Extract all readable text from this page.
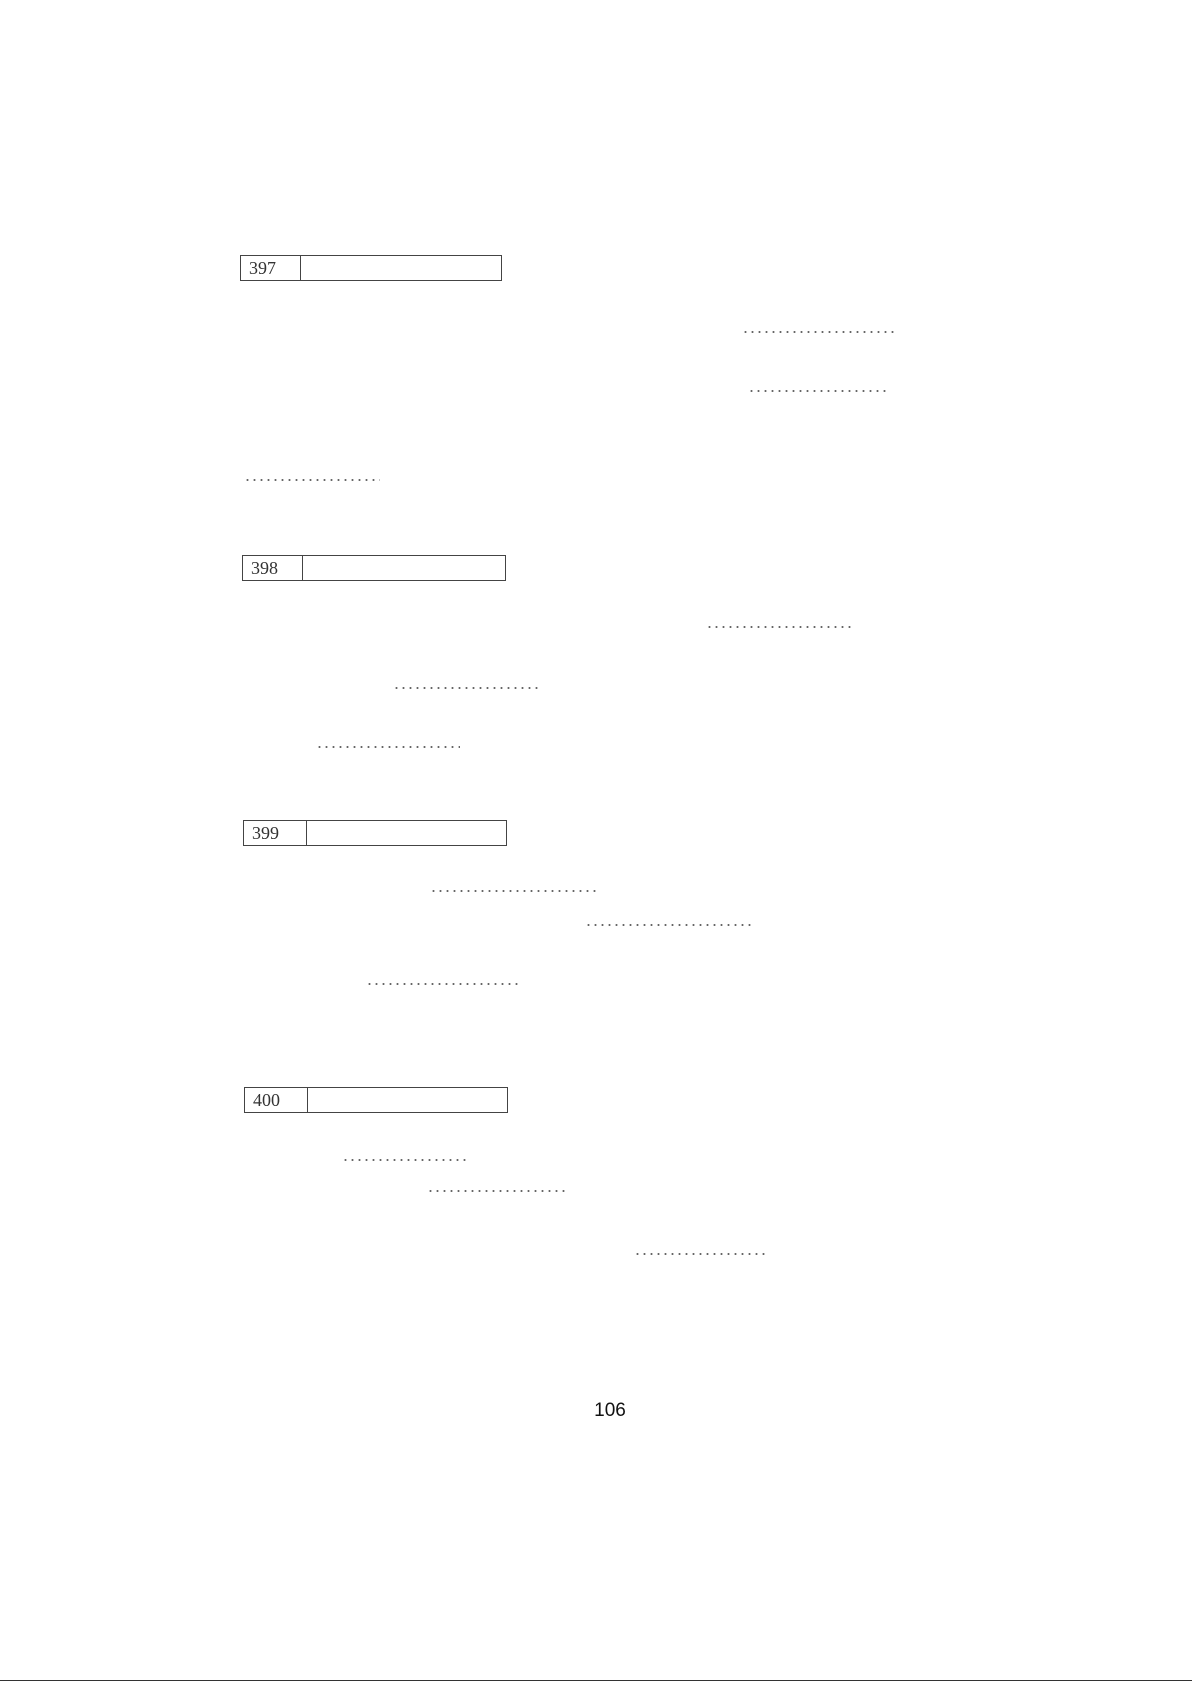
397
398
399
400
106
